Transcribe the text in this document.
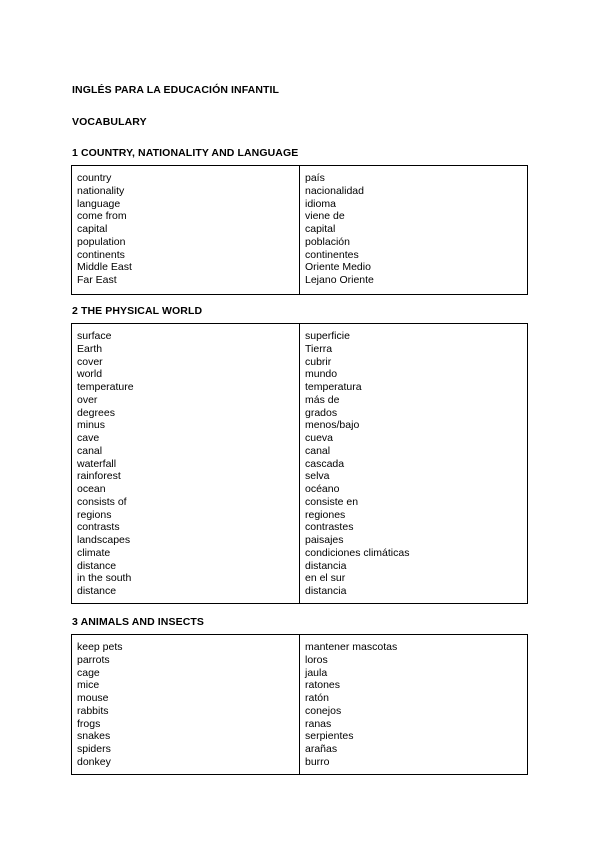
INGLÉS PARA LA EDUCACIÓN INFANTIL
VOCABULARY
1 COUNTRY, NATIONALITY AND LANGUAGE
country
nationality
language
come from
capital
population
continents
Middle East
Far East
país
nacionalidad
idioma
viene de
capital
población
continentes
Oriente Medio
Lejano Oriente
2 THE PHYSICAL WORLD
surface
Earth
cover
world
temperature
over
degrees
minus
cave
canal
waterfall
rainforest
ocean
consists of
regions
contrasts
landscapes
climate
distance
in the south
distance
superficie
Tierra
cubrir
mundo
temperatura
más de
grados
menos/bajo
cueva
canal
cascada
selva
océano
consiste en
regiones
contrastes
paisajes
condiciones climáticas
distancia
en el sur
distancia
3 ANIMALS AND INSECTS
keep pets
parrots
cage
mice
mouse
rabbits
frogs
snakes
spiders
donkey
mantener mascotas
loros
jaula
ratones
ratón
conejos
ranas
serpientes
arañas
burro
